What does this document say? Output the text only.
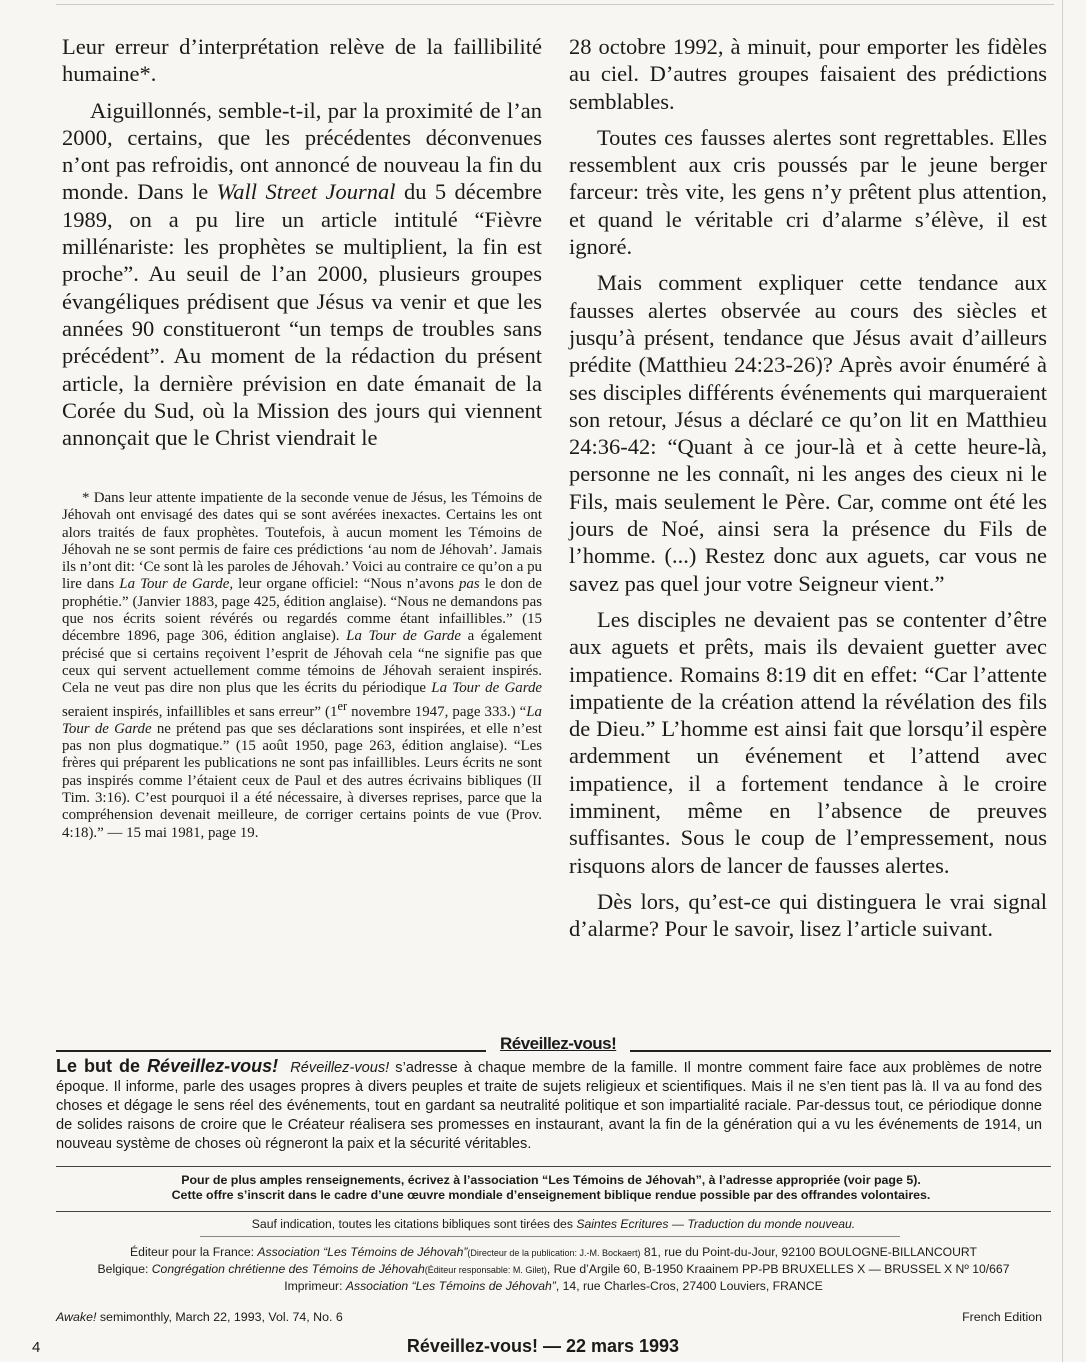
Leur erreur d’interprétation relève de la faillibilité humaine*.

Aiguillonnés, semble-t-il, par la proximité de l’an 2000, certains, que les précédentes déconvenues n’ont pas refroidis, ont annoncé de nouveau la fin du monde. Dans le Wall Street Journal du 5 décembre 1989, on a pu lire un article intitulé “Fièvre millénariste: les prophètes se multiplient, la fin est proche”. Au seuil de l’an 2000, plusieurs groupes évangéliques prédisent que Jésus va venir et que les années 90 constitueront “un temps de troubles sans précédent”. Au moment de la rédaction du présent article, la dernière prévision en date émanait de la Corée du Sud, où la Mission des jours qui viennent annonçait que le Christ viendrait le

* Dans leur attente impatiente de la seconde venue de Jésus, les Témoins de Jéhovah ont envisagé des dates qui se sont avérées inexactes. Certains les ont alors traités de faux prophètes. Toutefois, à aucun moment les Témoins de Jéhovah ne se sont permis de faire ces prédictions ‘au nom de Jéhovah’. Jamais ils n’ont dit: ‘Ce sont là les paroles de Jéhovah.’ Voici au contraire ce qu’on a pu lire dans La Tour de Garde, leur organe officiel: “Nous n’avons pas le don de prophétie.” (Janvier 1883, page 425, édition anglaise). “Nous ne demandons pas que nos écrits soient révérés ou regardés comme étant infaillibles.” (15 décembre 1896, page 306, édition anglaise). La Tour de Garde a également précisé que si certains reçoivent l’esprit de Jéhovah cela “ne signifie pas que ceux qui servent actuellement comme témoins de Jéhovah seraient inspirés. Cela ne veut pas dire non plus que les écrits du périodique La Tour de Garde seraient inspirés, infaillibles et sans erreur” (1er novembre 1947, page 333.) “La Tour de Garde ne prétend pas que ses déclarations sont inspirées, et elle n’est pas non plus dogmatique.” (15 août 1950, page 263, édition anglaise). “Les frères qui préparent les publications ne sont pas infaillibles. Leurs écrits ne sont pas inspirés comme l’étaient ceux de Paul et des autres écrivains bibliques (II Tim. 3:16). C’est pourquoi il a été nécessaire, à diverses reprises, parce que la compréhension devenait meilleure, de corriger certains points de vue (Prov. 4:18).” — 15 mai 1981, page 19.

28 octobre 1992, à minuit, pour emporter les fidèles au ciel. D’autres groupes faisaient des prédictions semblables.

Toutes ces fausses alertes sont regrettables. Elles ressemblent aux cris poussés par le jeune berger farceur: très vite, les gens n’y prêtent plus attention, et quand le véritable cri d’alarme s’élève, il est ignoré.

Mais comment expliquer cette tendance aux fausses alertes observée au cours des siècles et jusqu’à présent, tendance que Jésus avait d’ailleurs prédite (Matthieu 24:23-26)? Après avoir énuméré à ses disciples différents événements qui marqueraient son retour, Jésus a déclaré ce qu’on lit en Matthieu 24:36-42: “Quant à ce jour-là et à cette heure-là, personne ne les connaît, ni les anges des cieux ni le Fils, mais seulement le Père. Car, comme ont été les jours de Noé, ainsi sera la présence du Fils de l’homme. (...) Restez donc aux aguets, car vous ne savez pas quel jour votre Seigneur vient.”

Les disciples ne devaient pas se contenter d’être aux aguets et prêts, mais ils devaient guetter avec impatience. Romains 8:19 dit en effet: “Car l’attente impatiente de la création attend la révélation des fils de Dieu.” L’homme est ainsi fait que lorsqu’il espère ardemment un événement et l’attend avec impatience, il a fortement tendance à le croire imminent, même en l’absence de preuves suffisantes. Sous le coup de l’empressement, nous risquons alors de lancer de fausses alertes.

Dès lors, qu’est-ce qui distinguera le vrai signal d’alarme? Pour le savoir, lisez l’article suivant.

Réveillez-vous!
Le but de Réveillez-vous! Réveillez-vous! s’adresse à chaque membre de la famille. Il montre comment faire face aux problèmes de notre époque. Il informe, parle des usages propres à divers peuples et traite de sujets religieux et scientifiques. Mais il ne s’en tient pas là. Il va au fond des choses et dégage le sens réel des événements, tout en gardant sa neutralité politique et son impartialité raciale. Par-dessus tout, ce périodique donne de solides raisons de croire que le Créateur réalisera ses promesses en instaurant, avant la fin de la génération qui a vu les événements de 1914, un nouveau système de choses où régneront la paix et la sécurité véritables.
Pour de plus amples renseignements, écrivez à l’association “Les Témoins de Jéhovah”, à l’adresse appropriée (voir page 5).
Cette offre s’inscrit dans le cadre d’une œuvre mondiale d’enseignement biblique rendue possible par des offrandes volontaires.
Sauf indication, toutes les citations bibliques sont tirées des Saintes Ecritures — Traduction du monde nouveau.
Éditeur pour la France: Association “Les Témoins de Jéhovah”(Directeur de la publication: J.-M. Bockaert) 81, rue du Point-du-Jour, 92100 BOULOGNE-BILLANCOURT
Belgique: Congrégation chrétienne des Témoins de Jéhovah(Éditeur responsable: M. Gilet), Rue d’Argile 60, B-1950 Kraainem PP-PB BRUXELLES X — BRUSSEL X Nº 10/667
Imprimeur: Association “Les Témoins de Jéhovah”, 14, rue Charles-Cros, 27400 Louviers, FRANCE
Awake! semimonthly, March 22, 1993, Vol. 74, No. 6	French Edition
4	Réveillez-vous! — 22 mars 1993
